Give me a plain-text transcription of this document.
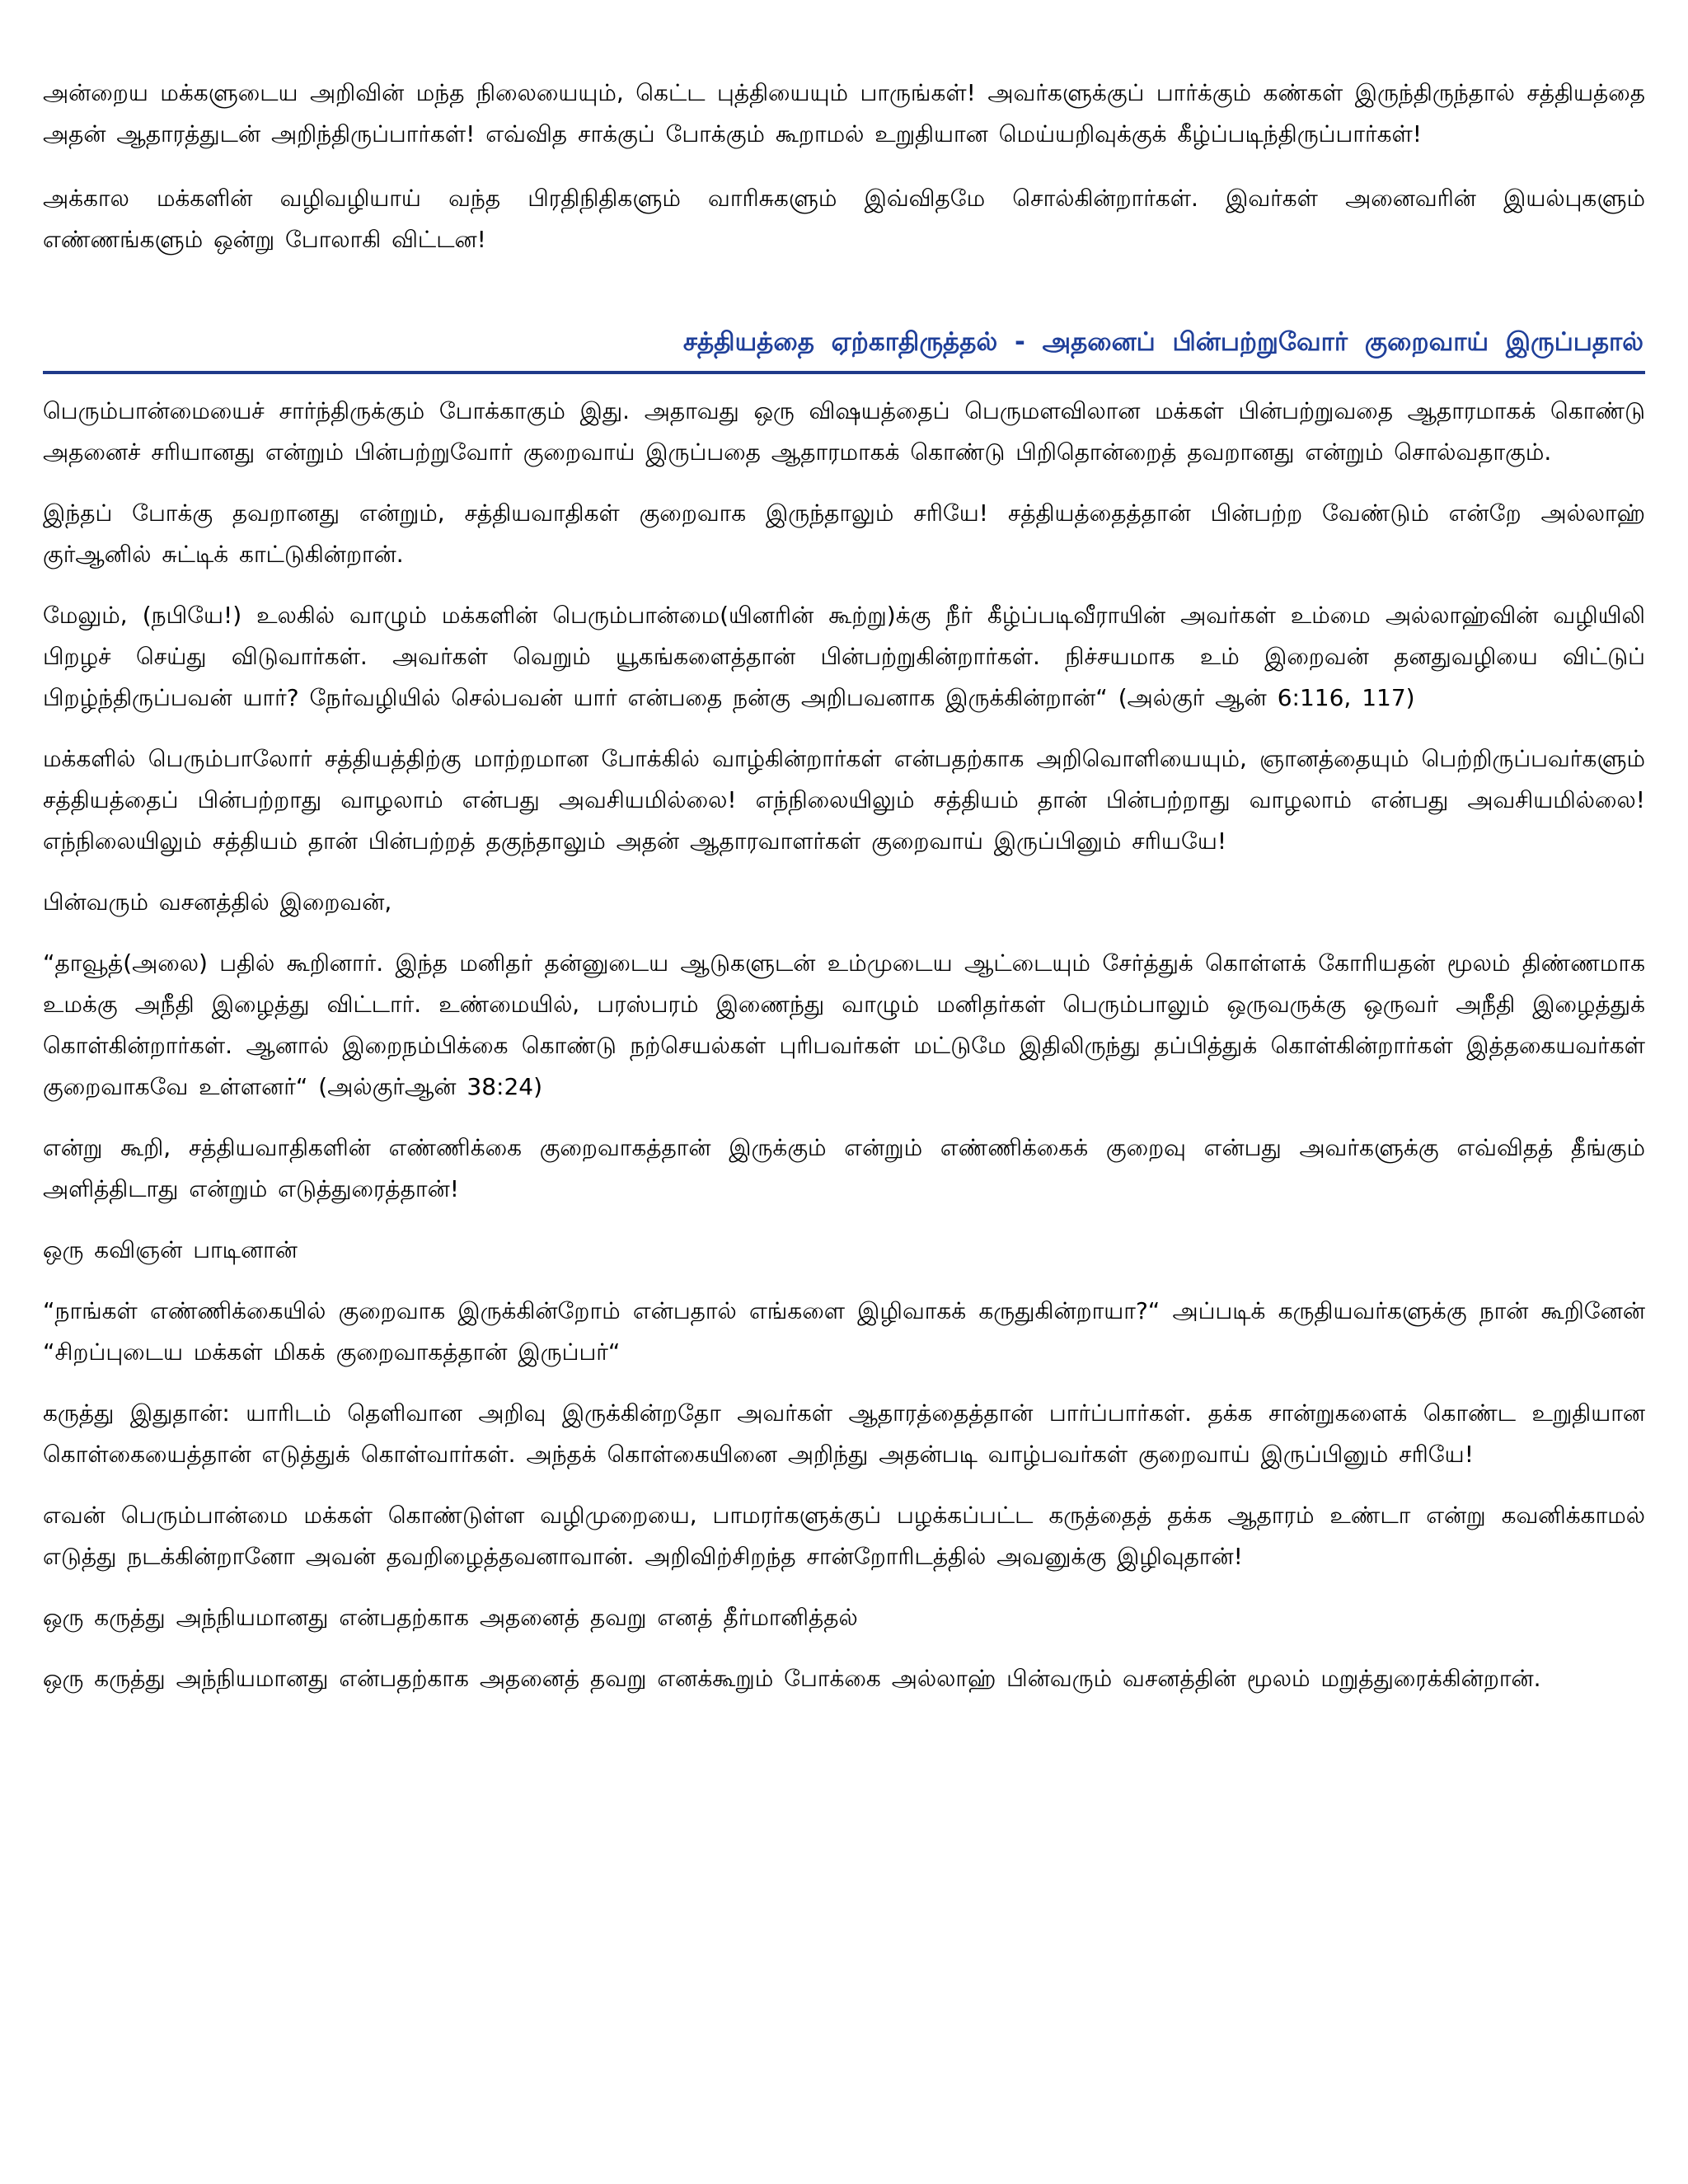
அன்றைய மக்களுடைய அறிவின் மந்த நிலையையும், கெட்ட புத்தியையும் பாருங்கள்! அவர்களுக்குப் பார்க்கும் கண்கள் இருந்திருந்தால் சத்தியத்தை அதன் ஆதாரத்துடன் அறிந்திருப்பார்கள்! எவ்வித சாக்குப் போக்கும் கூறாமல் உறுதியான மெய்யறிவுக்குக் கீழ்ப்படிந்திருப்பார்கள்!

அக்கால மக்களின் வழிவழியாய் வந்த பிரதிநிதிகளும் வாரிசுகளும் இவ்விதமே சொல்கின்றார்கள். இவர்கள் அனைவரின் இயல்புகளும் எண்ணங்களும் ஒன்று போலாகி விட்டன!

சத்தியத்தை ஏற்காதிருத்தல் - அதனைப் பின்பற்றுவோர் குறைவாய் இருப்பதால்

பெரும்பான்மையைச் சார்ந்திருக்கும் போக்காகும் இது. அதாவது ஒரு விஷயத்தைப் பெருமளவிலான மக்கள் பின்பற்றுவதை ஆதாரமாகக் கொண்டு அதனைச் சரியானது என்றும் பின்பற்றுவோர் குறைவாய் இருப்பதை ஆதாரமாகக் கொண்டு பிறிதொன்றைத் தவறானது என்றும் சொல்வதாகும்.

இந்தப் போக்கு தவறானது என்றும், சத்தியவாதிகள் குறைவாக இருந்தாலும் சரியே! சத்தியத்தைத்தான் பின்பற்ற வேண்டும் என்றே அல்லாஹ் குர்ஆனில் சுட்டிக் காட்டுகின்றான்.

மேலும், (நபியே!) உலகில் வாழும் மக்களின் பெரும்பான்மை(யினரின் கூற்று)க்கு நீர் கீழ்ப்படிவீராயின் அவர்கள் உம்மை அல்லாஹ்வின் வழியிலி பிறழச் செய்து விடுவார்கள். அவர்கள் வெறும் யூகங்களைத்தான் பின்பற்றுகின்றார்கள். நிச்சயமாக உம் இறைவன் தனதுவழியை விட்டுப் பிறழ்ந்திருப்பவன் யார்? நேர்வழியில் செல்பவன் யார் என்பதை நன்கு அறிபவனாக இருக்கின்றான்“ (அல்குர் ஆன் 6:116, 117)

மக்களில் பெரும்பாலோர் சத்தியத்திற்கு மாற்றமான போக்கில் வாழ்கின்றார்கள் என்பதற்காக அறிவொளியையும், ஞானத்தையும் பெற்றிருப்பவர்களும் சத்தியத்தைப் பின்பற்றாது வாழலாம் என்பது அவசியமில்லை! எந்நிலையிலும் சத்தியம் தான் பின்பற்றாது வாழலாம் என்பது அவசியமில்லை! எந்நிலையிலும் சத்தியம் தான் பின்பற்றத் தகுந்தாலும் அதன் ஆதாரவாளர்கள் குறைவாய் இருப்பினும் சரியயே!

பின்வரும் வசனத்தில் இறைவன்,

“தாவூத்(அலை) பதில் கூறினார். இந்த மனிதர் தன்னுடைய ஆடுகளுடன் உம்முடைய ஆட்டையும் சேர்த்துக் கொள்ளக் கோரியதன் மூலம் திண்ணமாக உமக்கு அநீதி இழைத்து விட்டார். உண்மையில், பரஸ்பரம் இணைந்து வாழும் மனிதர்கள் பெரும்பாலும் ஒருவருக்கு ஒருவர் அநீதி இழைத்துக் கொள்கின்றார்கள். ஆனால் இறைநம்பிக்கை கொண்டு நற்செயல்கள் புரிபவர்கள் மட்டுமே இதிலிருந்து தப்பித்துக் கொள்கின்றார்கள் இத்தகையவர்கள் குறைவாகவே உள்ளனர்“ (அல்குர்ஆன் 38:24)

என்று கூறி, சத்தியவாதிகளின் எண்ணிக்கை குறைவாகத்தான் இருக்கும் என்றும் எண்ணிக்கைக் குறைவு என்பது அவர்களுக்கு எவ்விதத் தீங்கும் அளித்திடாது என்றும் எடுத்துரைத்தான்!

ஒரு கவிஞன் பாடினான்

“நாங்கள் எண்ணிக்கையில் குறைவாக இருக்கின்றோம் என்பதால் எங்களை இழிவாகக் கருதுகின்றாயா?“ அப்படிக் கருதியவர்களுக்கு நான் கூறினேன் “சிறப்புடைய மக்கள் மிகக் குறைவாகத்தான் இருப்பர்“

கருத்து இதுதான்: யாரிடம் தெளிவான அறிவு இருக்கின்றதோ அவர்கள் ஆதாரத்தைத்தான் பார்ப்பார்கள். தக்க சான்றுகளைக் கொண்ட உறுதியான கொள்கையைத்தான் எடுத்துக் கொள்வார்கள். அந்தக் கொள்கையினை அறிந்து அதன்படி வாழ்பவர்கள் குறைவாய் இருப்பினும் சரியே!

எவன் பெரும்பான்மை மக்கள் கொண்டுள்ள வழிமுறையை, பாமரர்களுக்குப் பழக்கப்பட்ட கருத்தைத் தக்க ஆதாரம் உண்டா என்று கவனிக்காமல் எடுத்து நடக்கின்றானோ அவன் தவறிழைத்தவனாவான். அறிவிற்சிறந்த சான்றோரிடத்தில் அவனுக்கு இழிவுதான்!

ஒரு கருத்து அந்நியமானது என்பதற்காக அதனைத் தவறு எனத் தீர்மானித்தல்

ஒரு கருத்து அந்நியமானது என்பதற்காக அதனைத் தவறு எனக்கூறும் போக்கை அல்லாஹ் பின்வரும் வசனத்தின் மூலம் மறுத்துரைக்கின்றான்.
